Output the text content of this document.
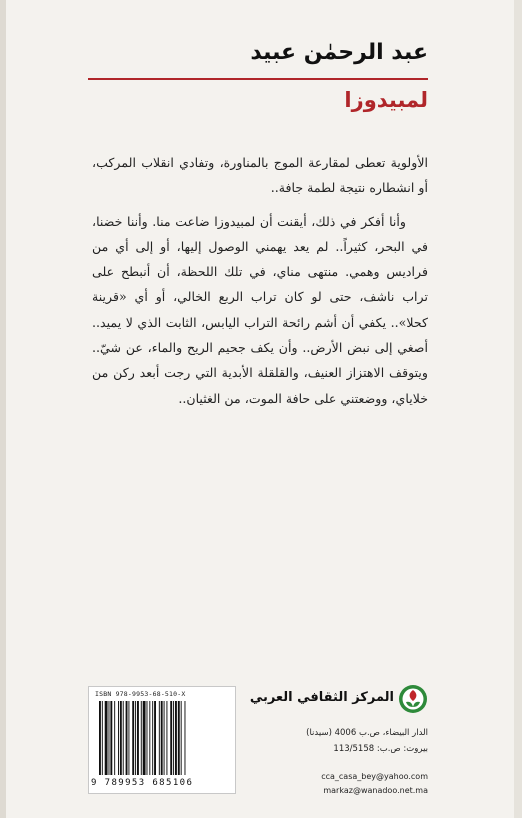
عبد الرحمٰن عبيد
لمبيدوزا

الأولوية تعطى لمقارعة الموج بالمناورة، وتفادي انقلاب المركب، أو انشطاره نتيجة لطمة جافة..

وأنا أفكر في ذلك، أيقنت أن لمبيدوزا ضاعت منا. وأننا خضنا، في البحر، كثيراً.. لم يعد يهمني الوصول إليها، أو إلى أي من فراديس وهمي. منتهى مناي، في تلك اللحظة، أن أنبطح على تراب ناشف، حتى لو كان تراب الربع الخالي، أو أي «قرينة كحلا».. يكفي أن أشم رائحة التراب اليابس، الثابت الذي لا يميد.. أصغي إلى نبض الأرض.. وأن يكف جحيم الريح والماء، عن شيّ.. ويتوقف الاهتزاز العنيف، والقلقلة الأبدية التي رجت أبعد ركن من خلاياي، ووضعتني على حافة الموت، من الغثيان..

ISBN 978-9953-68-510-X
9 789953 685106
المركز الثقافي العربي
الدار البيضاء، ص.ب 4006 (سيدنا)
بيروت: ص.ب: 113/5158
cca_casa_bey@yahoo.com
markaz@wanadoo.net.ma
